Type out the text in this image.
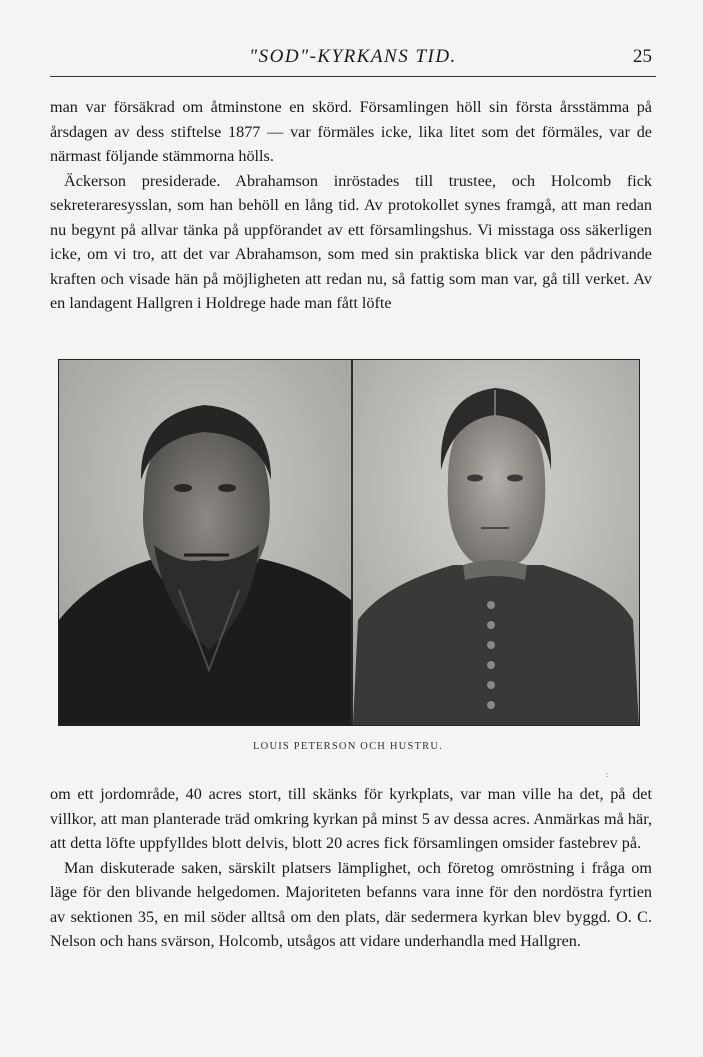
"SOD"-KYRKANS TID.	25

man var försäkrad om åtminstone en skörd. Församlingen höll sin första årsstämma på årsdagen av dess stiftelse 1877 — var förmäles icke, lika litet som det förmäles, var de närmast följande stämmorna hölls.

Äckerson presiderade. Abrahamson inröstades till trustee, och Holcomb fick sekreteraresysslan, som han behöll en lång tid. Av protokollet synes framgå, att man redan nu begynt på allvar tänka på uppförandet av ett församlingshus. Vi misstaga oss säkerligen icke, om vi tro, att det var Abrahamson, som med sin praktiska blick var den pådrivande kraften och visade hän på möjligheten att redan nu, så fattig som man var, gå till verket. Av en landagent Hallgren i Holdrege hade man fått löfte

LOUIS PETERSON OCH HUSTRU.
:

om ett jordområde, 40 acres stort, till skänks för kyrkplats, var man ville ha det, på det villkor, att man planterade träd omkring kyrkan på minst 5 av dessa acres. Anmärkas må här, att detta löfte uppfylldes blott delvis, blott 20 acres fick församlingen omsider fastebrev på.

Man diskuterade saken, särskilt platsers lämplighet, och företog omröstning i fråga om läge för den blivande helgedomen. Majoriteten befanns vara inne för den nordöstra fyrtien av sektionen 35, en mil söder alltså om den plats, där sedermera kyrkan blev byggd. O. C. Nelson och hans svärson, Holcomb, utsågos att vidare underhandla med Hallgren.
